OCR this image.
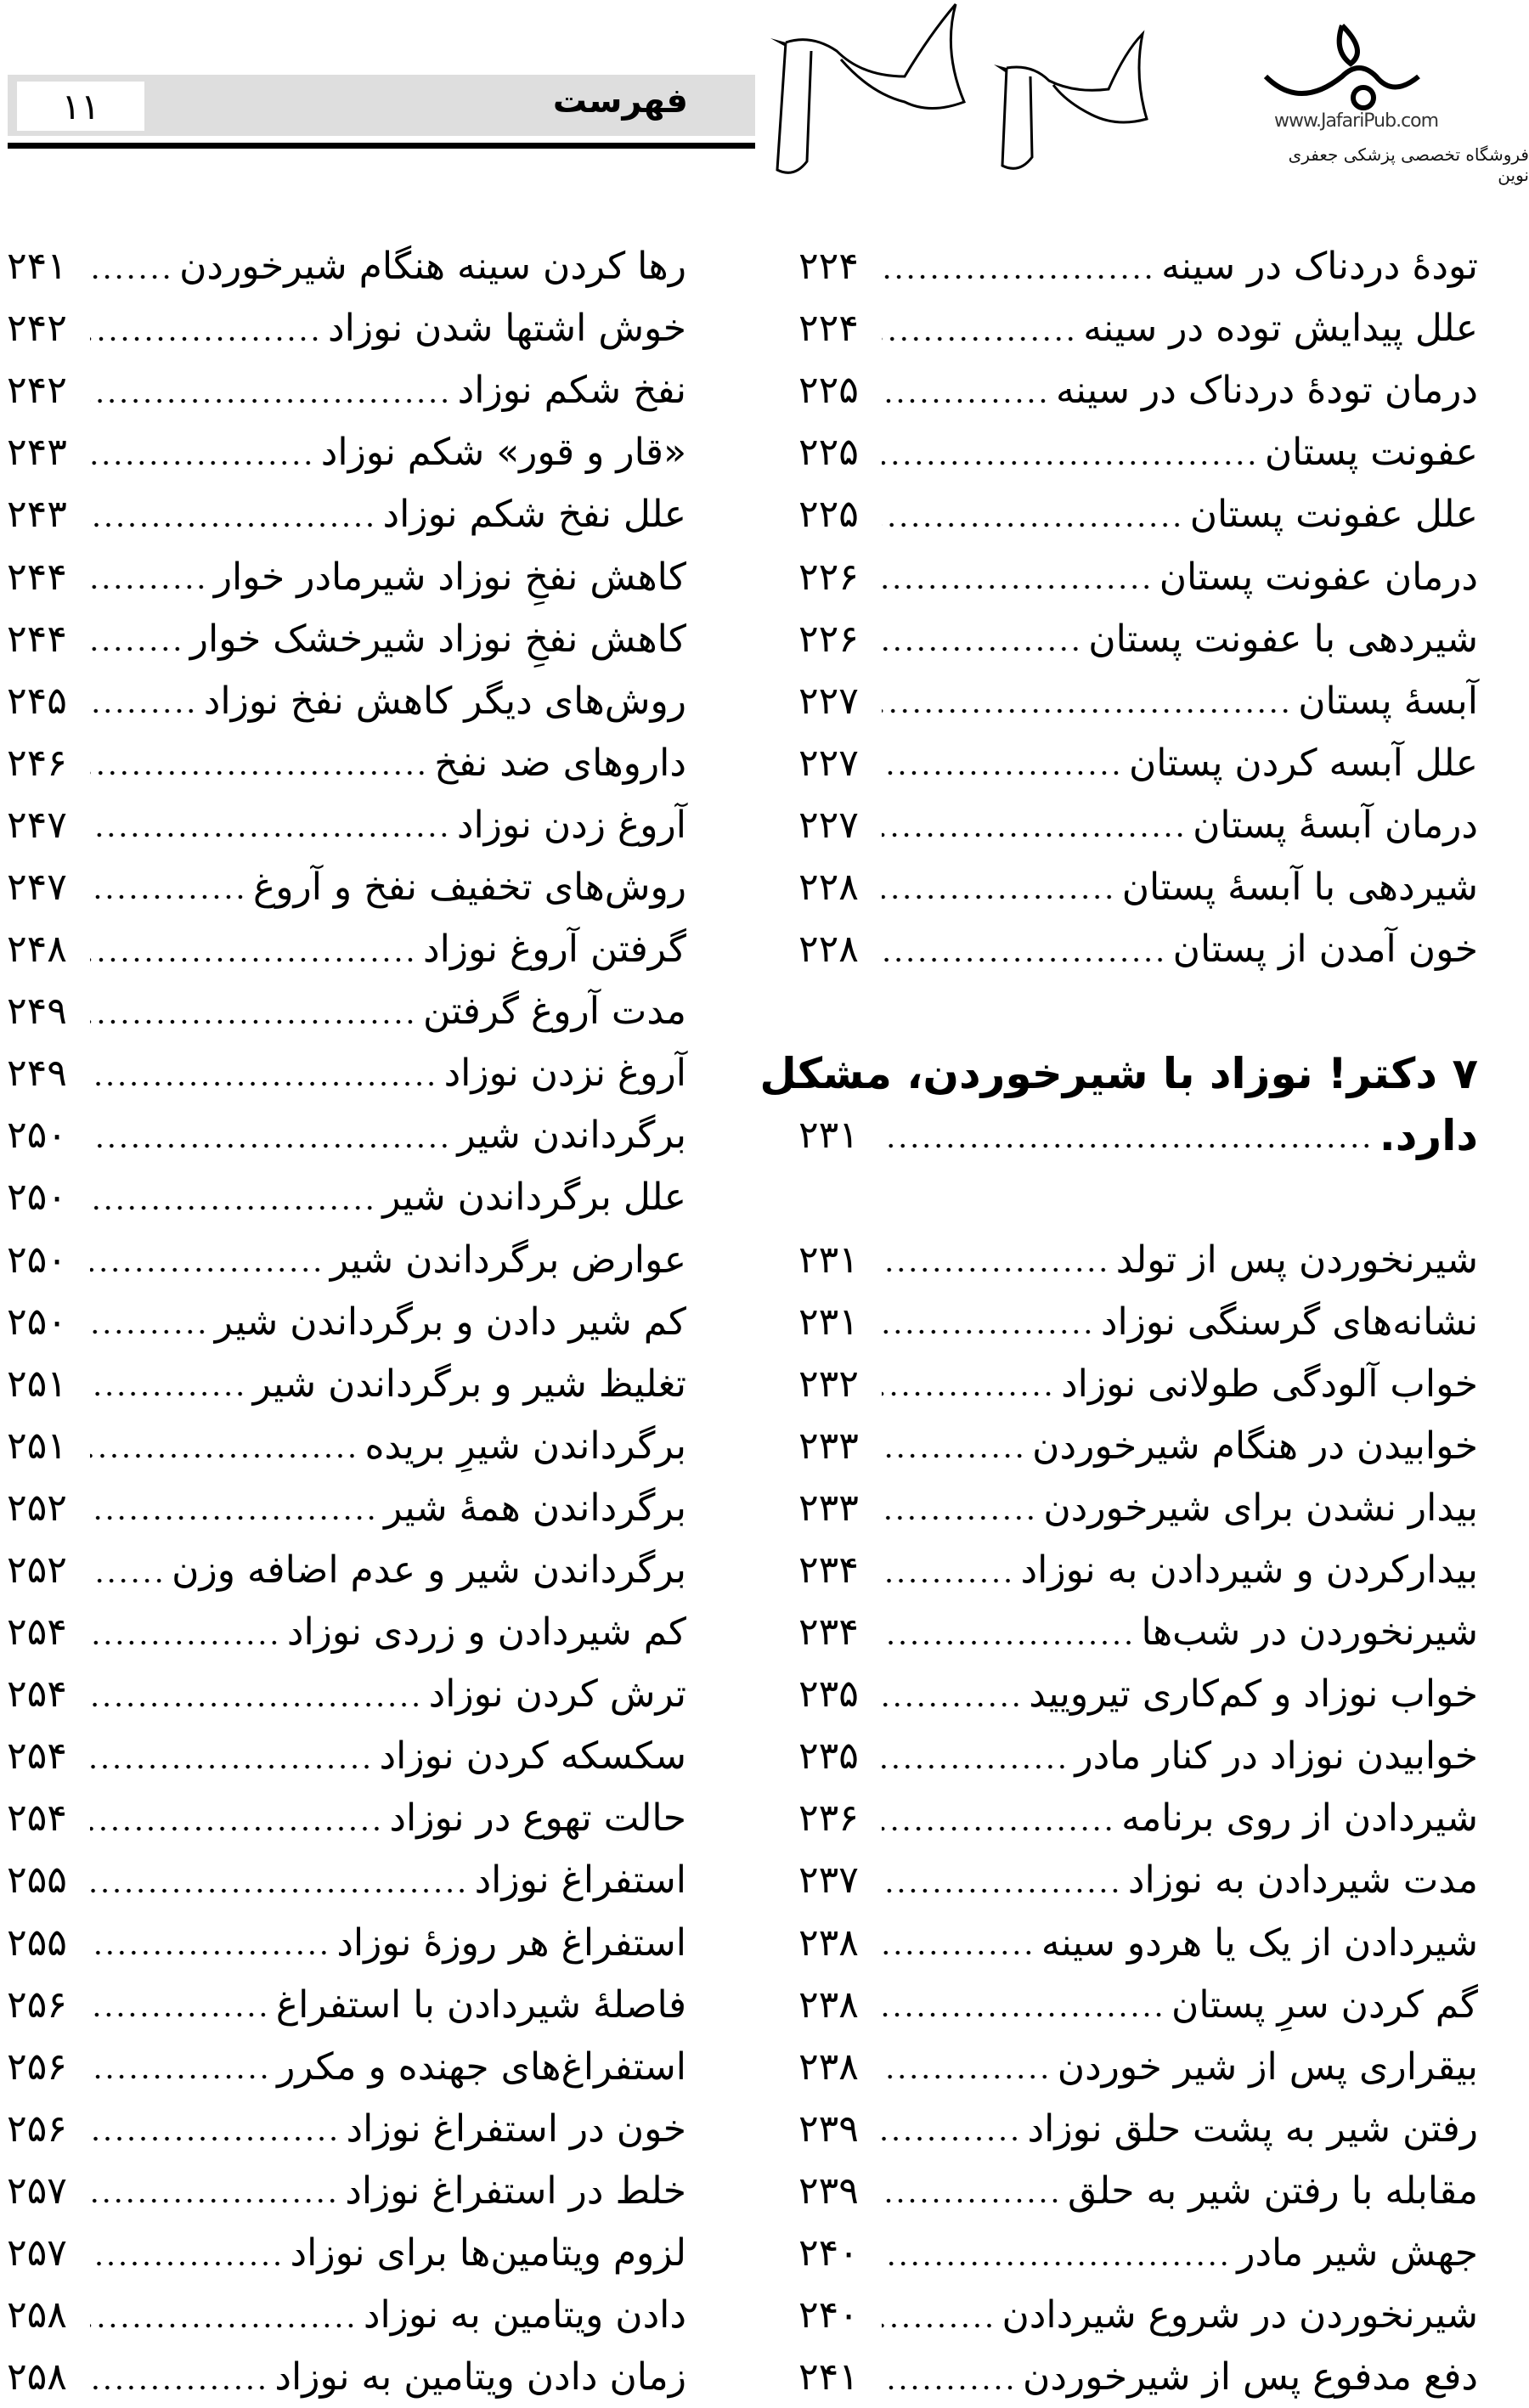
۱۱	فهرست
www.JafariPub.com
فروشگاه تخصصی پزشکی جعفری نوین
تودهٔ دردناک در سینه
۲۲۴
علل پیدایش توده در سینه
۲۲۴
درمان تودهٔ دردناک در سینه
۲۲۵
عفونت پستان
۲۲۵
علل عفونت پستان
۲۲۵
درمان عفونت پستان
۲۲۶
شیردهی با عفونت پستان
۲۲۶
آبسهٔ پستان
۲۲۷
علل آبسه کردن پستان
۲۲۷
درمان آبسهٔ پستان
۲۲۷
شیردهی با آبسهٔ پستان
۲۲۸
خون آمدن از پستان
۲۲۸
۷ دکتر! نوزاد با شیرخوردن، مشکل
دارد.
۲۳۱
شیرنخوردن پس از تولد
۲۳۱
نشانه‌های گرسنگی نوزاد
۲۳۱
خواب آلودگی طولانی نوزاد
۲۳۲
خوابیدن در هنگام شیرخوردن
۲۳۳
بیدار نشدن برای شیرخوردن
۲۳۳
بیدارکردن و شیردادن به نوزاد
۲۳۴
شیرنخوردن در شب‌ها
۲۳۴
خواب نوزاد و کم‌کاری تیرویید
۲۳۵
خوابیدن نوزاد در کنار مادر
۲۳۵
شیردادن از روی برنامه
۲۳۶
مدت شیردادن به نوزاد
۲۳۷
شیردادن از یک یا هردو سینه
۲۳۸
گم کردن سرِ پستان
۲۳۸
بیقراری پس از شیر خوردن
۲۳۸
رفتن شیر به پشت حلق نوزاد
۲۳۹
مقابله با رفتن شیر به حلق
۲۳۹
جهش شیر مادر
۲۴۰
شیرنخوردن در شروع شیردادن
۲۴۰
دفع مدفوع پس از شیرخوردن
۲۴۱
رها کردن سینه هنگام شیرخوردن
۲۴۱
خوش اشتها شدن نوزاد
۲۴۲
نفخ شکم نوزاد
۲۴۲
«قار و قور» شکم نوزاد
۲۴۳
علل نفخ شکم نوزاد
۲۴۳
کاهش نفخِ نوزاد شیرمادر خوار
۲۴۴
کاهش نفخِ نوزاد شیرخشک خوار
۲۴۴
روش‌های دیگر کاهش نفخ نوزاد
۲۴۵
داروهای ضد نفخ
۲۴۶
آروغ زدن نوزاد
۲۴۷
روش‌های تخفیف نفخ و آروغ
۲۴۷
گرفتن آروغ نوزاد
۲۴۸
مدت آروغ گرفتن
۲۴۹
آروغ نزدن نوزاد
۲۴۹
برگرداندن شیر
۲۵۰
علل برگرداندن شیر
۲۵۰
عوارض برگرداندن شیر
۲۵۰
کم شیر دادن و برگرداندن شیر
۲۵۰
تغلیظ شیر و برگرداندن شیر
۲۵۱
برگرداندن شیرِ بریده
۲۵۱
برگرداندن همهٔ شیر
۲۵۲
برگرداندن شیر و عدم اضافه وزن
۲۵۲
کم شیردادن و زردی نوزاد
۲۵۴
ترش کردن نوزاد
۲۵۴
سکسکه کردن نوزاد
۲۵۴
حالت تهوع در نوزاد
۲۵۴
استفراغ نوزاد
۲۵۵
استفراغ هر روزهٔ نوزاد
۲۵۵
فاصلهٔ شیردادن با استفراغ
۲۵۶
استفراغ‌های جهنده و مکرر
۲۵۶
خون در استفراغ نوزاد
۲۵۶
خلط در استفراغ نوزاد
۲۵۷
لزوم ویتامین‌ها برای نوزاد
۲۵۷
دادن ویتامین به نوزاد
۲۵۸
زمان دادن ویتامین به نوزاد
۲۵۸
